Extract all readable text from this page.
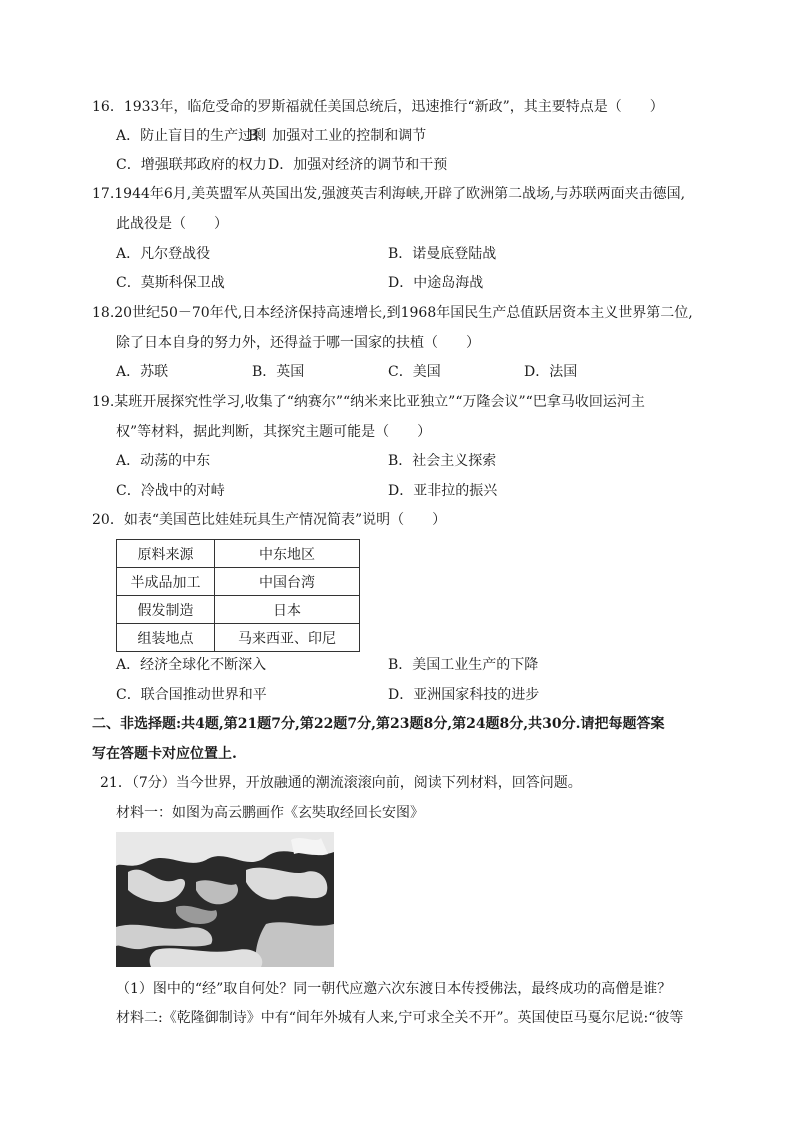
16．1933年，临危受命的罗斯福就任美国总统后，迅速推行“新政”，其主要特点是（　　）
A．防止盲目的生产过剩
B．加强对工业的控制和调节
C．增强联邦政府的权力 D．加强对经济的调节和干预
17.1944年6月,美英盟军从英国出发,强渡英吉利海峡,开辟了欧洲第二战场,与苏联两面夹击德国,
此战役是（　　）
A．凡尔登战役	B．诺曼底登陆战
C．莫斯科保卫战	D．中途岛海战
18.20世纪50－70年代,日本经济保持高速增长,到1968年国民生产总值跃居资本主义世界第二位,
除了日本自身的努力外，还得益于哪一国家的扶植（　　）
A．苏联	B．英国	C．美国	D．法国
19.某班开展探究性学习,收集了“纳赛尔”“纳米来比亚独立”“万隆会议”“巴拿马收回运河主
权”等材料，据此判断，其探究主题可能是（　　）
A．动荡的中东	B．社会主义探索
C．冷战中的对峙	D．亚非拉的振兴
20．如表“美国芭比娃娃玩具生产情况简表”说明（　　）
原料来源	中东地区
半成品加工	中国台湾
假发制造	日本
组装地点	马来西亚、印尼
A．经济全球化不断深入	B．美国工业生产的下降
C．联合国推动世界和平	D．亚洲国家科技的进步
二、非选择题:共4题,第21题7分,第22题7分,第23题8分,第24题8分,共30分.请把每题答案
写在答题卡对应位置上.
21．（7分）当今世界，开放融通的潮流滚滚向前，阅读下列材料，回答问题。
材料一：如图为高云鹏画作《玄奘取经回长安图》
（1）图中的“经”取自何处？同一朝代应邀六次东渡日本传授佛法，最终成功的高僧是谁？
材料二:《乾隆御制诗》中有“间年外城有人来,宁可求全关不开”。英国使臣马戛尔尼说:“彼等
